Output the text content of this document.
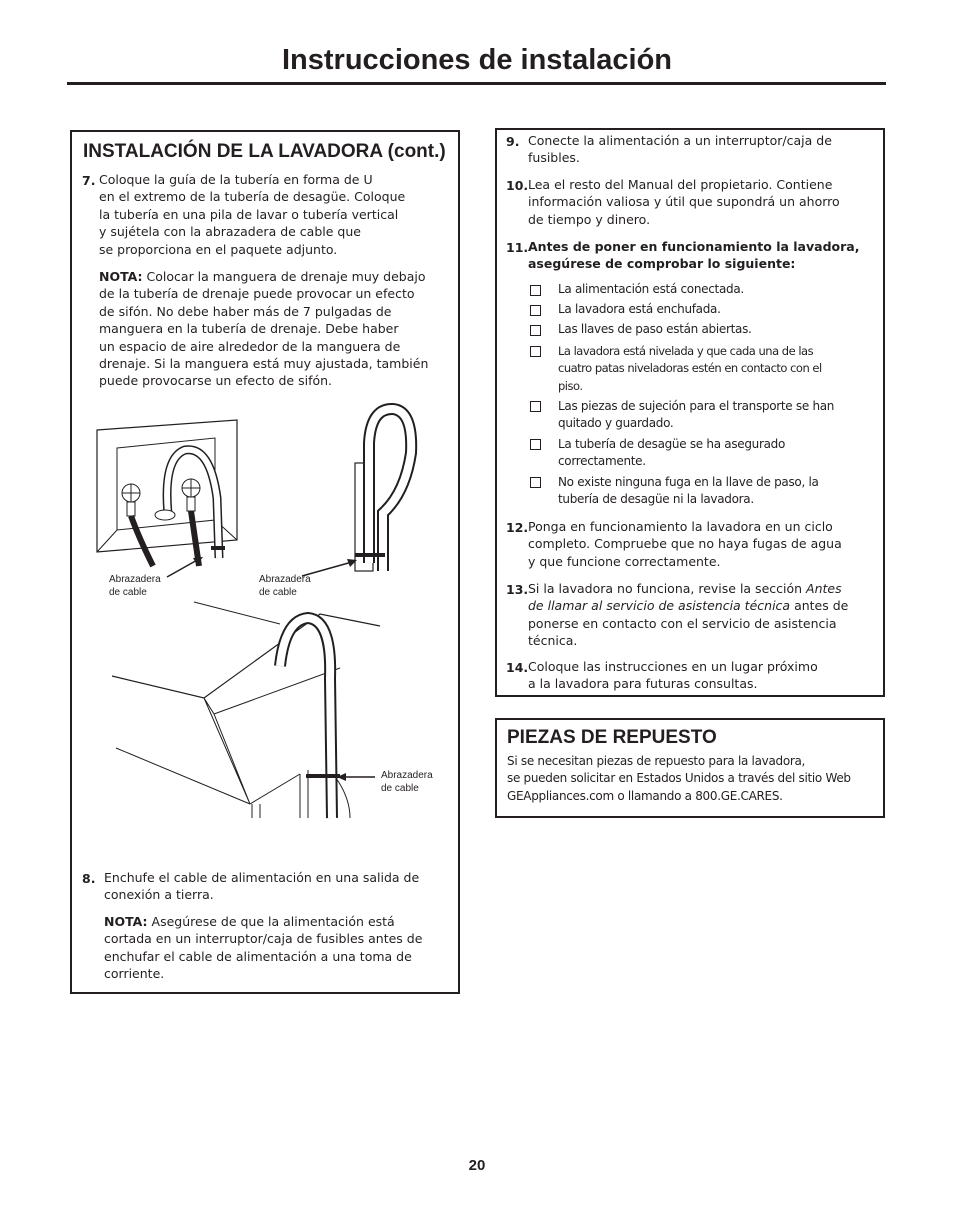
Instrucciones de instalación
INSTALACIÓN DE LA LAVADORA (cont.)
7. Coloque la guía de la tubería en forma de U
en el extremo de la tubería de desagüe. Coloque
la tubería en una pila de lavar o tubería vertical
y sujétela con la abrazadera de cable que
se proporciona en el paquete adjunto.
NOTA: Colocar la manguera de drenaje muy debajo
de la tubería de drenaje puede provocar un efecto
de sifón. No debe haber más de 7 pulgadas de
manguera en la tubería de drenaje. Debe haber
un espacio de aire alrededor de la manguera de
drenaje. Si la manguera está muy ajustada, también
puede provocarse un efecto de sifón.
Abrazadera
de cable
Abrazadera
de cable
Abrazadera
de cable
8. Enchufe el cable de alimentación en una salida de
conexión a tierra.
NOTA: Asegúrese de que la alimentación está
cortada en un interruptor/caja de fusibles antes de
enchufar el cable de alimentación a una toma de
corriente.
9. Conecte la alimentación a un interruptor/caja de
fusibles.
10. Lea el resto del Manual del propietario. Contiene
información valiosa y útil que supondrá un ahorro
de tiempo y dinero.
11. Antes de poner en funcionamiento la lavadora,
asegúrese de comprobar lo siguiente:
La alimentación está conectada.
La lavadora está enchufada.
Las llaves de paso están abiertas.
La lavadora está nivelada y que cada una de las
cuatro patas niveladoras estén en contacto con el
piso.
Las piezas de sujeción para el transporte se han
quitado y guardado.
La tubería de desagüe se ha asegurado
correctamente.
No existe ninguna fuga en la llave de paso, la
tubería de desagüe ni la lavadora.
12. Ponga en funcionamiento la lavadora en un ciclo
completo. Compruebe que no haya fugas de agua
y que funcione correctamente.
13. Si la lavadora no funciona, revise la sección Antes
de llamar al servicio de asistencia técnica antes de
ponerse en contacto con el servicio de asistencia
técnica.
14. Coloque las instrucciones en un lugar próximo
a la lavadora para futuras consultas.
PIEZAS DE REPUESTO
Si se necesitan piezas de repuesto para la lavadora,
se pueden solicitar en Estados Unidos a través del sitio Web
GEAppliances.com o llamando a 800.GE.CARES.
20
